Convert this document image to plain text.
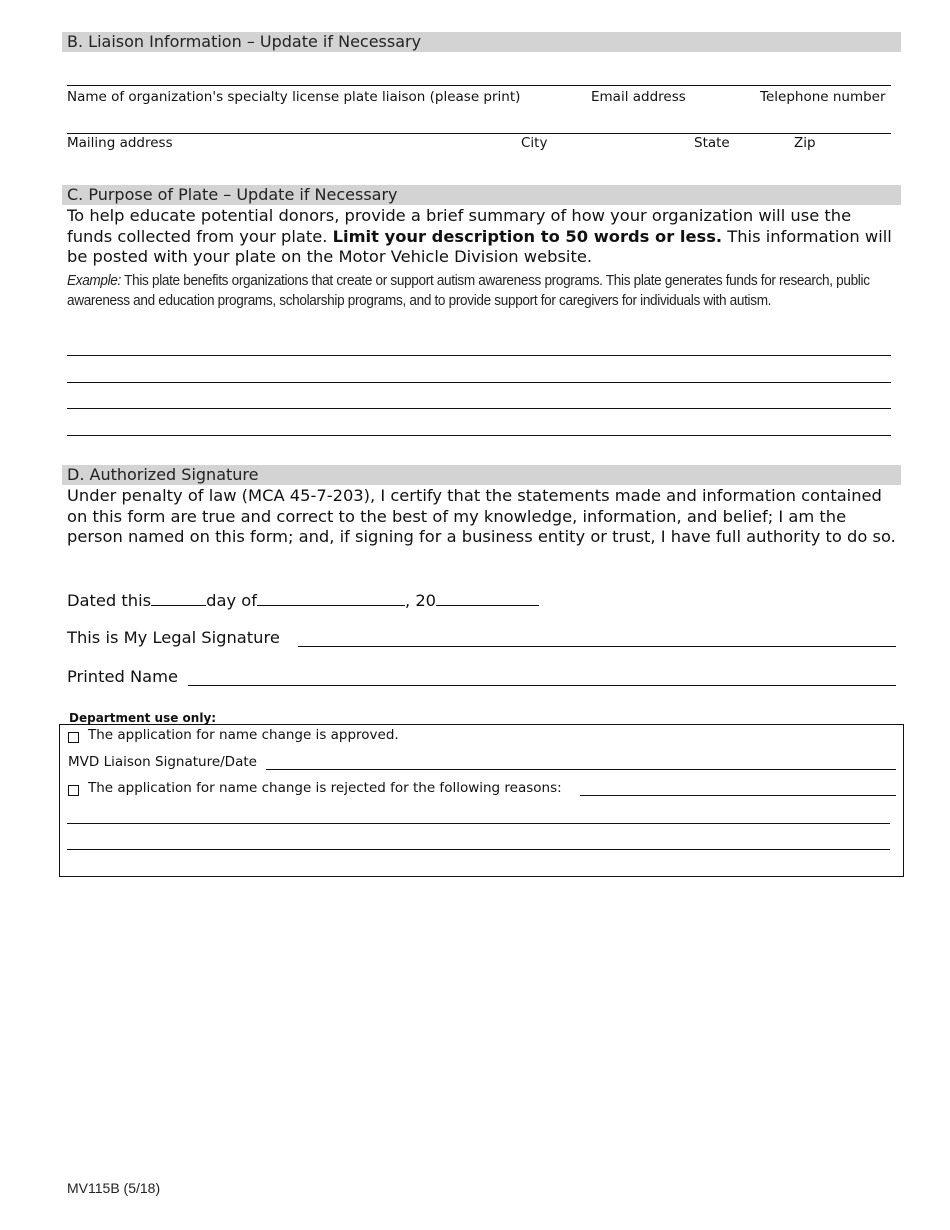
B. Liaison Information – Update if Necessary
Name of organization's specialty license plate liaison (please print)	Email address	Telephone number
Mailing address	City	State	Zip
C. Purpose of Plate – Update if Necessary
To help educate potential donors, provide a brief summary of how your organization will use the funds collected from your plate. Limit your description to 50 words or less. This information will be posted with your plate on the Motor Vehicle Division website.
Example: This plate benefits organizations that create or support autism awareness programs. This plate generates funds for research, public awareness and education programs, scholarship programs, and to provide support for caregivers for individuals with autism.
D. Authorized Signature
Under penalty of law (MCA 45-7-203), I certify that the statements made and information contained on this form are true and correct to the best of my knowledge, information, and belief; I am the person named on this form; and, if signing for a business entity or trust, I have full authority to do so.
Dated this	day of	, 20
This is My Legal Signature
Printed Name
Department use only:
The application for name change is approved.
MVD Liaison Signature/Date
The application for name change is rejected for the following reasons:
MV115B (5/18)
